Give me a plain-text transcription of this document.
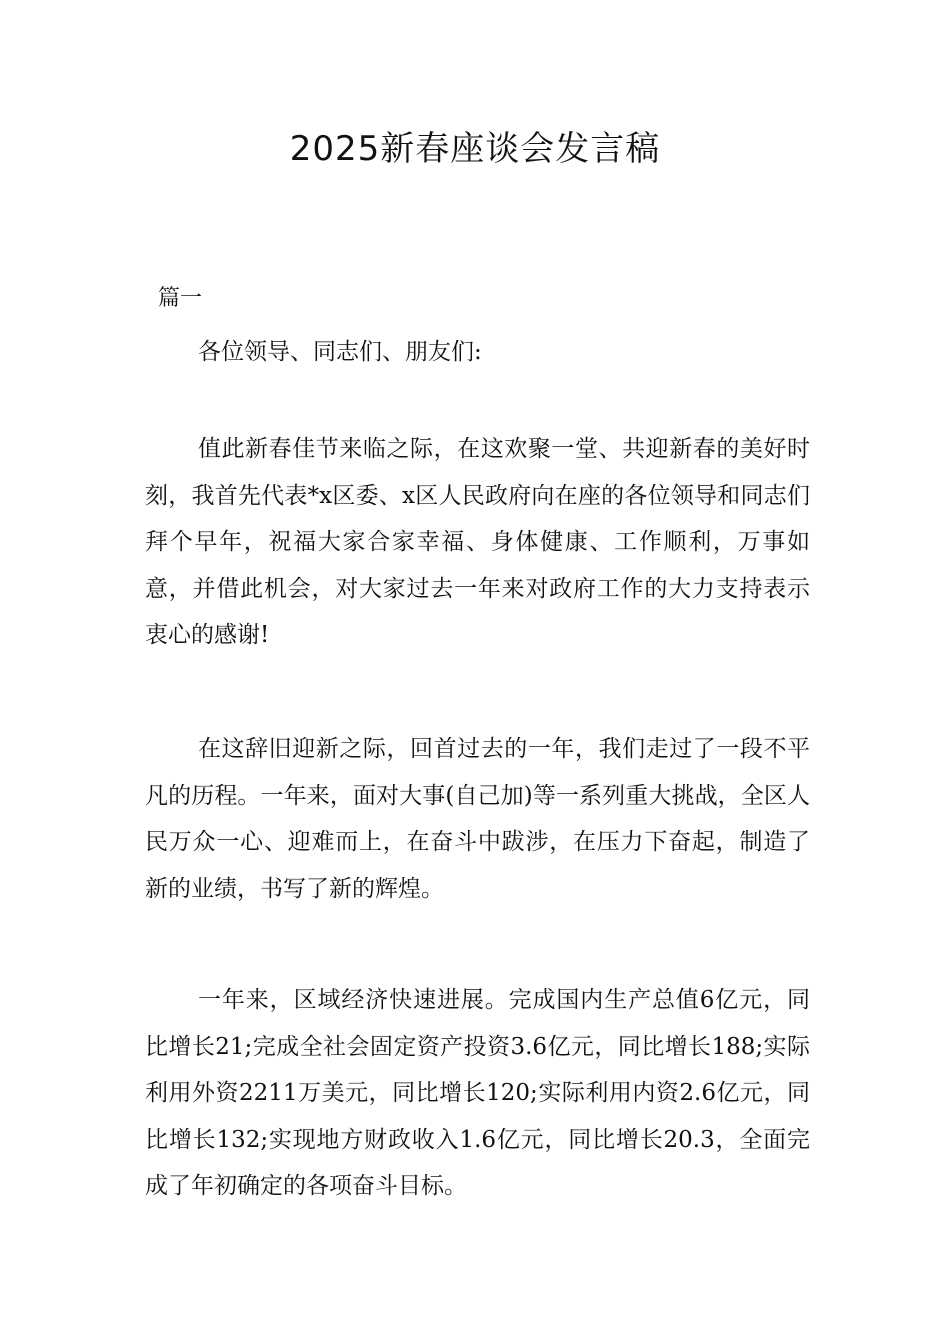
2025新春座谈会发言稿

篇一

各位领导、同志们、朋友们:

值此新春佳节来临之际，在这欢聚一堂、共迎新春的美好时刻，我首先代表*x区委、x区人民政府向在座的各位领导和同志们拜个早年，祝福大家合家幸福、身体健康、工作顺利，万事如意，并借此机会，对大家过去一年来对政府工作的大力支持表示衷心的感谢!

在这辞旧迎新之际，回首过去的一年，我们走过了一段不平凡的历程。一年来，面对大事(自己加)等一系列重大挑战，全区人民万众一心、迎难而上，在奋斗中跋涉，在压力下奋起，制造了新的业绩，书写了新的辉煌。

一年来，区域经济快速进展。完成国内生产总值6亿元，同比增长21;完成全社会固定资产投资3.6亿元，同比增长188;实际利用外资2211万美元，同比增长120;实际利用内资2.6亿元，同比增长132;实现地方财政收入1.6亿元，同比增长20.3，全面完成了年初确定的各项奋斗目标。
